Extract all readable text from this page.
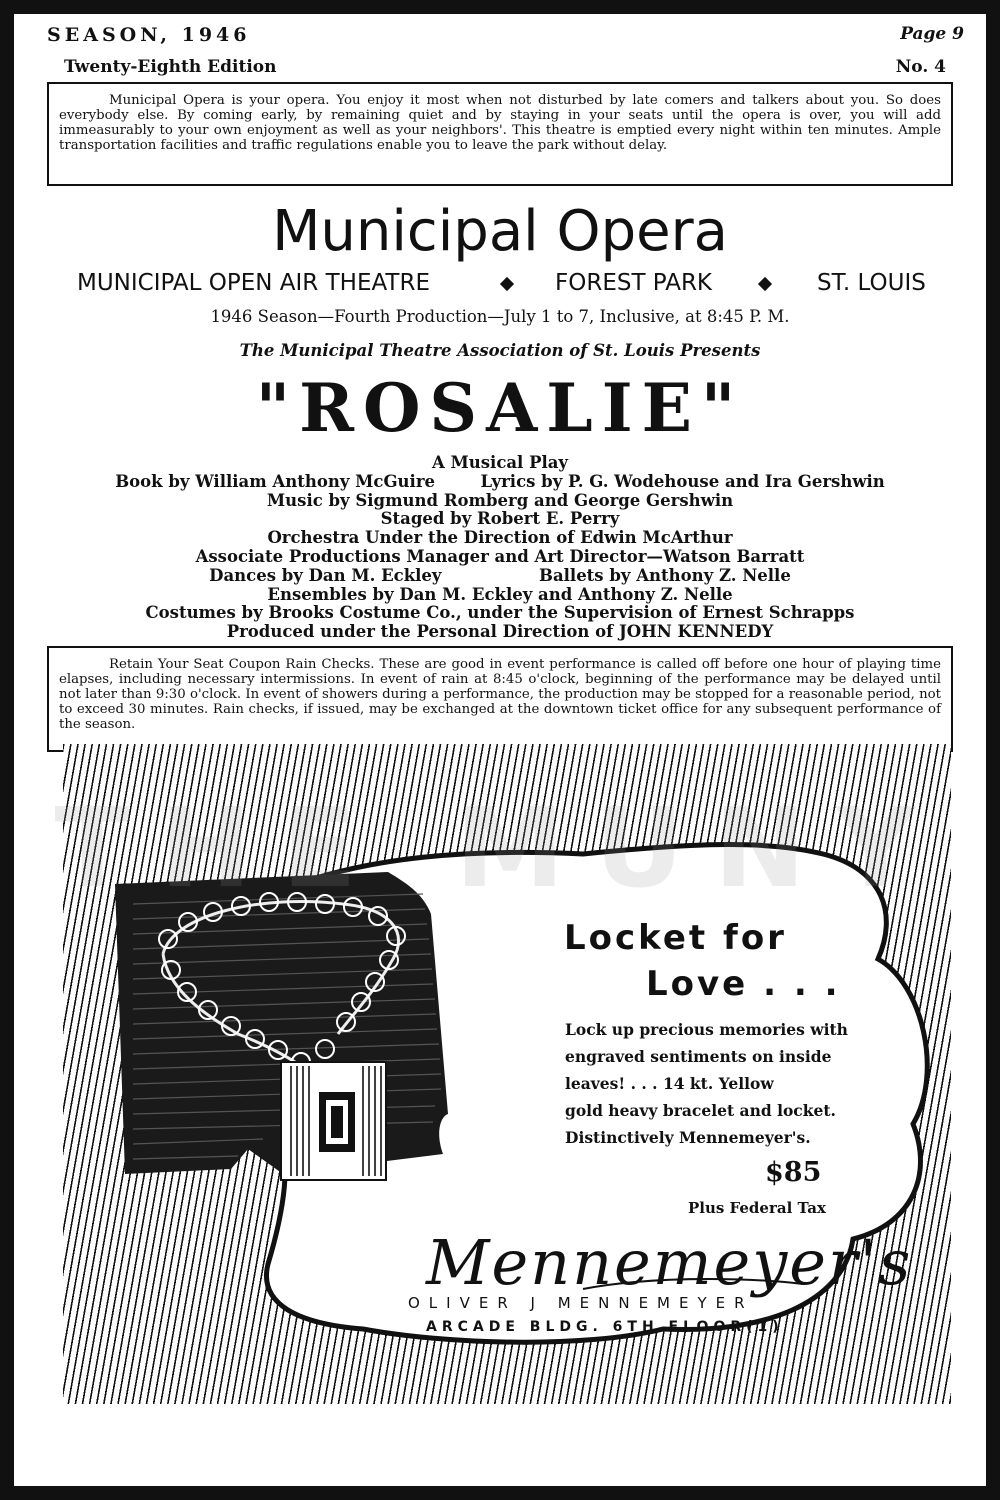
SEASON, 1946	Page 9
Twenty-Eighth Edition	No. 4
Municipal Opera is your opera. You enjoy it most when not disturbed by late comers and talkers about you. So does everybody else. By coming early, by remaining quiet and by staying in your seats until the opera is over, you will add immeasurably to your own enjoyment as well as your neighbors'. This theatre is emptied every night within ten minutes. Ample transportation facilities and traffic regulations enable you to leave the park without delay.
Municipal Opera
MUNICIPAL OPEN AIR THEATRE	FOREST PARK	ST. LOUIS
1946 Season—Fourth Production—July 1 to 7, Inclusive, at 8:45 P. M.
The Municipal Theatre Association of St. Louis Presents
"ROSALIE"
A Musical Play
Book by William Anthony McGuire	Lyrics by P. G. Wodehouse and Ira Gershwin
Music by Sigmund Romberg and George Gershwin
Staged by Robert E. Perry
Orchestra Under the Direction of Edwin McArthur
Associate Productions Manager and Art Director—Watson Barratt
Dances by Dan M. Eckley	Ballets by Anthony Z. Nelle
Ensembles by Dan M. Eckley and Anthony Z. Nelle
Costumes by Brooks Costume Co., under the Supervision of Ernest Schrapps
Produced under the Personal Direction of JOHN KENNEDY
Retain Your Seat Coupon Rain Checks. These are good in event performance is called off before one hour of playing time elapses, including necessary intermissions. In event of rain at 8:45 o'clock, beginning of the performance may be delayed until not later than 9:30 o'clock. In event of showers during a performance, the production may be stopped for a reasonable period, not to exceed 30 minutes. Rain checks, if issued, may be exchanged at the downtown ticket office for any subsequent performance of the season.
Locket for
Love . . .
Lock up precious memories with
engraved sentiments on inside
leaves! . . . 14 kt. Yellow
gold heavy bracelet and locket.
Distinctively Mennemeyer's.
$85
Plus Federal Tax
Mennemeyer's
OLIVER J MENNEMEYER
ARCADE BLDG. 6TH FLOOR(1)
